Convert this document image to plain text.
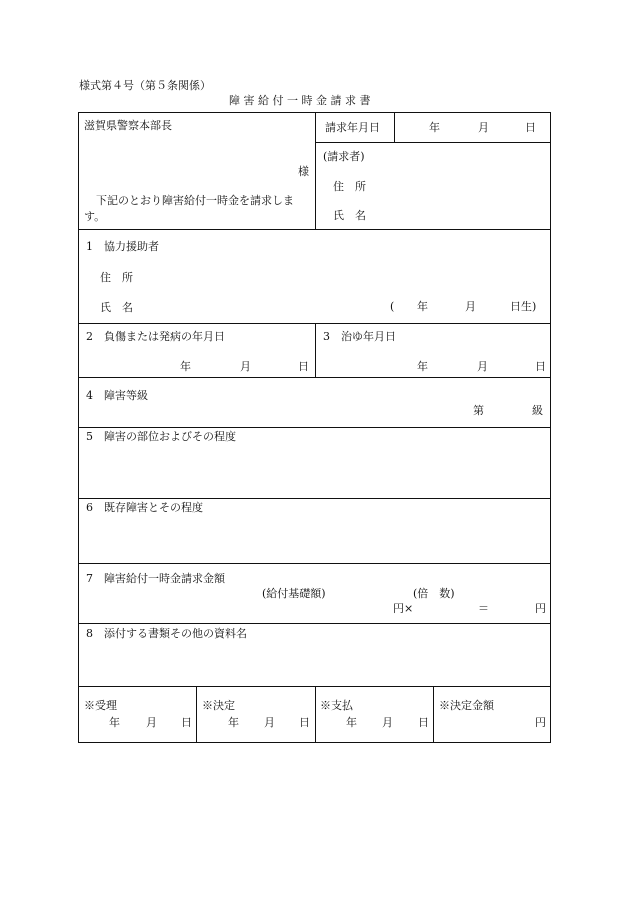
様式第４号（第５条関係）
障 害 給 付 一 時 金 請 求 書
滋賀県警察本部長
様
下記のとおり障害給付一時金を請求しま
す。
請求年月日	年	月	日
(請求者)
住　所
氏　名
1　協力援助者
住　所
氏　名	( 年	月	日生)
2　負傷または発病の年月日
年	月	日
3　治ゆ年月日
年	月	日
4　障害等級
第	級
5　障害の部位およびその程度
6　既存障害とその程度
7　障害給付一時金請求金額
(給付基礎額)	(倍　数)
円×	＝	円
8　添付する書類その他の資料名
※受理
年 月 日
※決定
年 月 日
※支払
年 月 日
※決定金額
円
